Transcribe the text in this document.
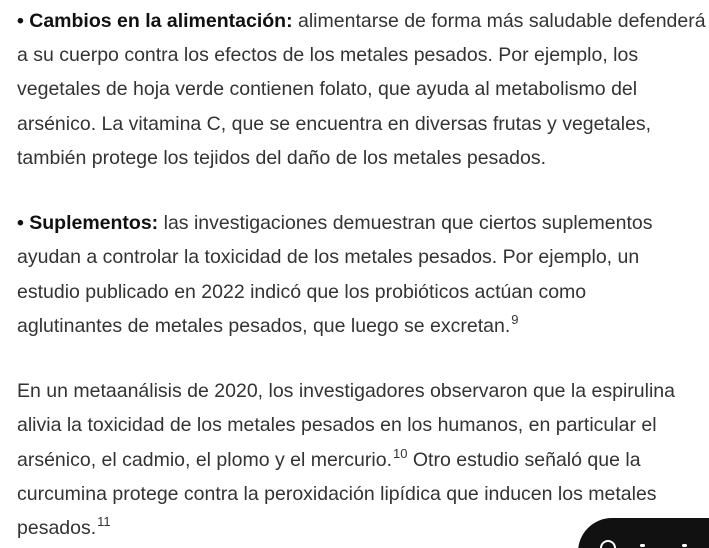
• Cambios en la alimentación: alimentarse de forma más saludable defenderá
a su cuerpo contra los efectos de los metales pesados. Por ejemplo, los
vegetales de hoja verde contienen folato, que ayuda al metabolismo del
arsénico. La vitamina C, que se encuentra en diversas frutas y vegetales,
también protege los tejidos del daño de los metales pesados.
• Suplementos: las investigaciones demuestran que ciertos suplementos
ayudan a controlar la toxicidad de los metales pesados. Por ejemplo, un
estudio publicado en 2022 indicó que los probióticos actúan como
aglutinantes de metales pesados, que luego se excretan.$^9$
En un metaanálisis de 2020, los investigadores observaron que la espirulina
alivia la toxicidad de los metales pesados en los humanos, en particular el
arsénico, el cadmio, el plomo y el mercurio.$^{10}$ Otro estudio señaló que la
curcumina protege contra la peroxidación lipídica que inducen los metales
pesados.$^{11}$
